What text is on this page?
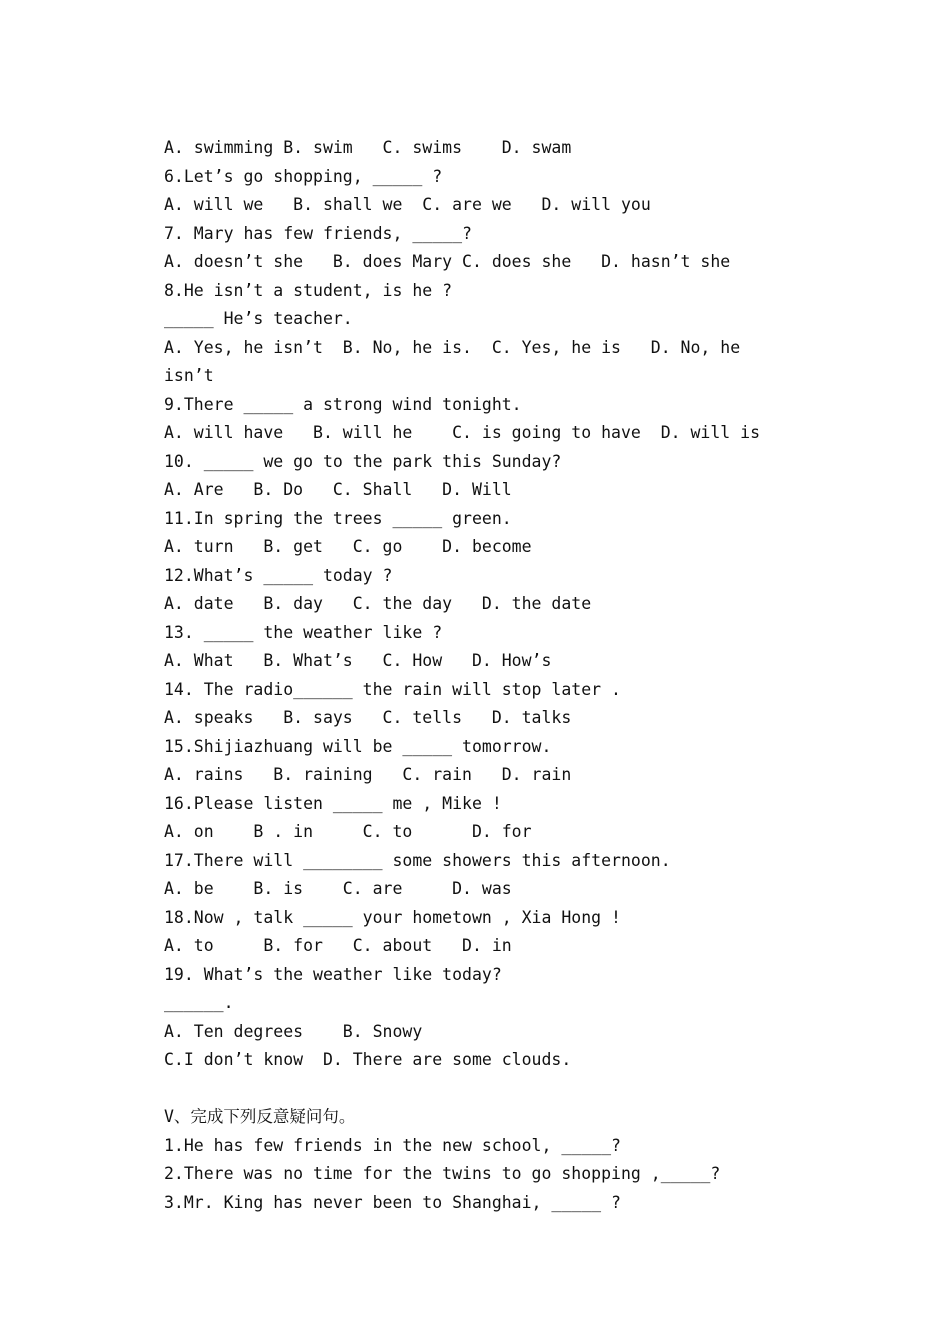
A. swimming B. swim   C. swims    D. swam
6.Let’s go shopping, _____ ?
A. will we   B. shall we  C. are we   D. will you
7. Mary has few friends, _____?
A. doesn’t she   B. does Mary C. does she   D. hasn’t she
8.He isn’t a student, is he ?
_____ He’s teacher.
A. Yes, he isn’t  B. No, he is.  C. Yes, he is   D. No, he
isn’t
9.There _____ a strong wind tonight.
A. will have   B. will he    C. is going to have  D. will is
10. _____ we go to the park this Sunday?
A. Are   B. Do   C. Shall   D. Will
11.In spring the trees _____ green.
A. turn   B. get   C. go    D. become
12.What’s _____ today ?
A. date   B. day   C. the day   D. the date
13. _____ the weather like ?
A. What   B. What’s   C. How   D. How’s
14. The radio______ the rain will stop later .
A. speaks   B. says   C. tells   D. talks
15.Shijiazhuang will be _____ tomorrow.
A. rains   B. raining   C. rain   D. rain
16.Please listen _____ me , Mike !
A. on    B . in     C. to      D. for
17.There will ________ some showers this afternoon.
A. be    B. is    C. are     D. was
18.Now , talk _____ your hometown , Xia Hong !
A. to     B. for   C. about   D. in
19. What’s the weather like today?
______.
A. Ten degrees    B. Snowy
C.I don’t know  D. There are some clouds.
V、完成下列反意疑问句。
1.He has few friends in the new school, _____?
2.There was no time for the twins to go shopping ,_____?
3.Mr. King has never been to Shanghai, _____ ?
